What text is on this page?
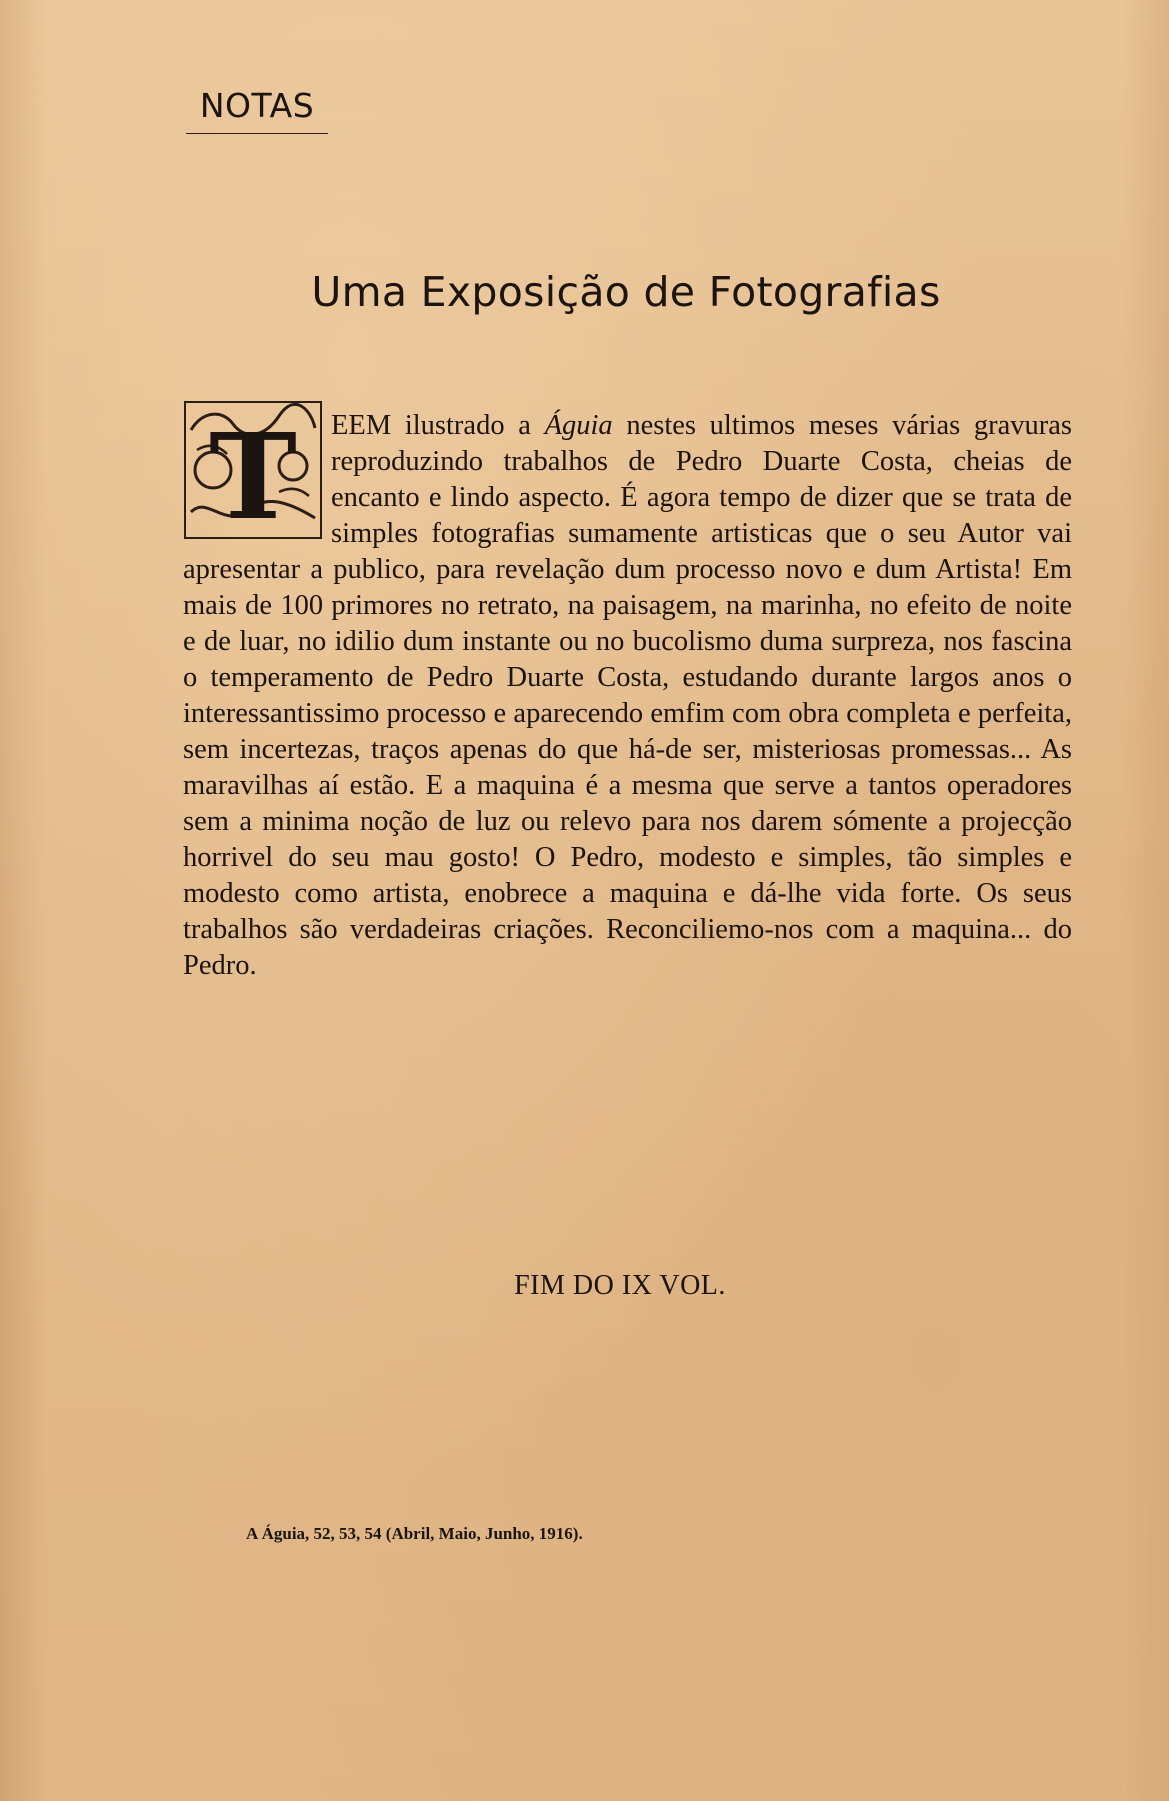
NOTAS
Uma Exposição de Fotografias
T EEM ilustrado a Águia nestes ultimos meses várias gravuras reproduzindo trabalhos de Pedro Duarte Costa, cheias de encanto e lindo aspecto. É agora tempo de dizer que se trata de simples fotografias sumamente artisticas que o seu Autor vai apresentar a publico, para revelação dum processo novo e dum Artista! Em mais de 100 primores no retrato, na paisagem, na marinha, no efeito de noite e de luar, no idilio dum instante ou no bucolismo duma surpreza, nos fascina o temperamento de Pedro Duarte Costa, estudando durante largos anos o interessantissimo processo e aparecendo emfim com obra completa e perfeita, sem incertezas, traços apenas do que há-de ser, misteriosas promessas... As maravilhas aí estão. E a maquina é a mesma que serve a tantos operadores sem a minima noção de luz ou relevo para nos darem sómente a projecção horrivel do seu mau gosto! O Pedro, modesto e simples, tão simples e modesto como artista, enobrece a maquina e dá-lhe vida forte. Os seus trabalhos são verdadeiras criações. Reconciliemo-nos com a maquina... do Pedro.
FIM DO IX VOL.
A Águia, 52, 53, 54 (Abril, Maio, Junho, 1916).
